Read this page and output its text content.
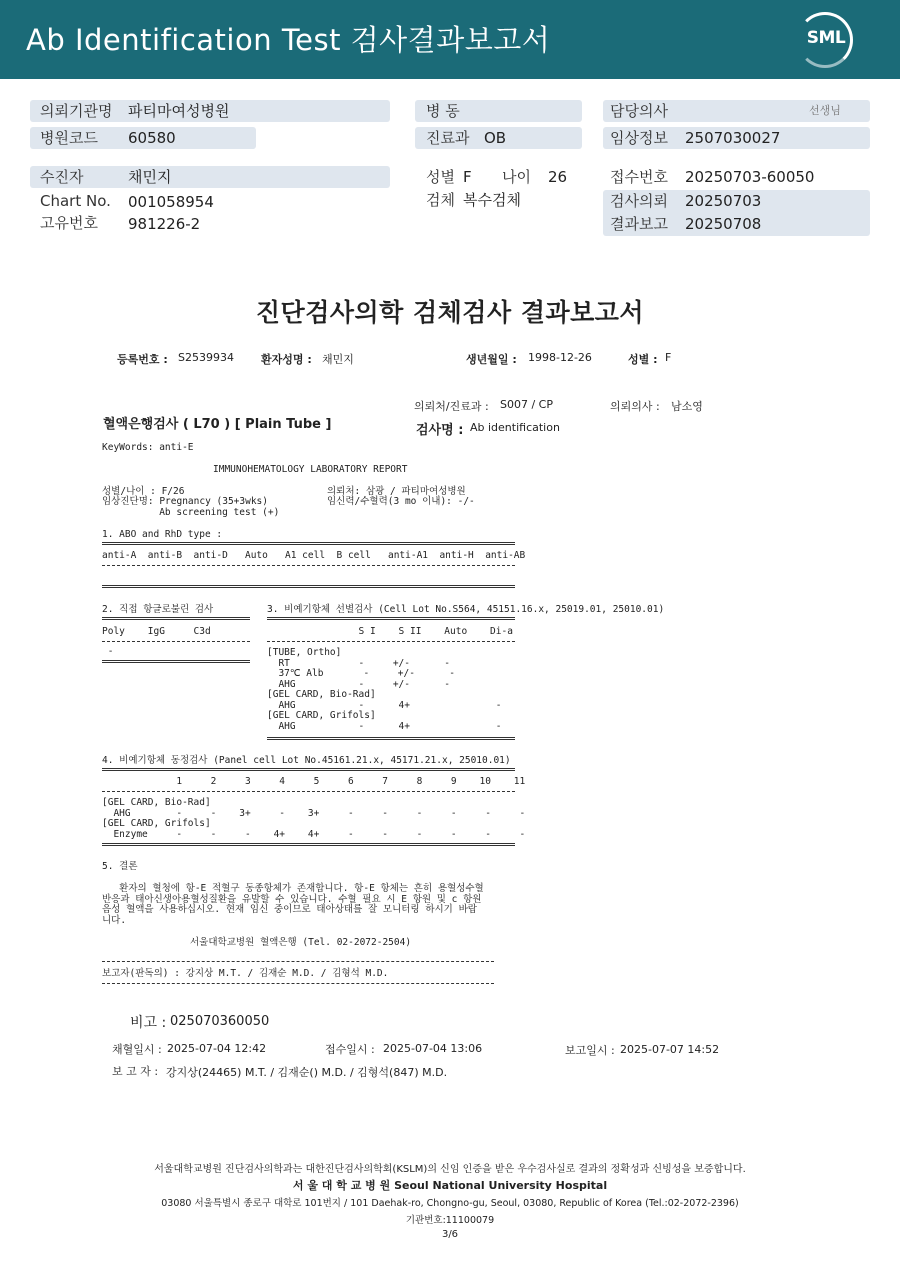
Ab Identification Test 검사결과보고서	SML
의뢰기관명 파티마여성병원
병원코드 60580
수진자	채민지
Chart No. 001058954
고유번호 981226-2
병 동
진료과 OB
성별 F 나이 26
검체 복수검체
담당의사	선생님
임상정보 2507030027
접수번호 20250703-60050
검사의뢰 20250703
결과보고 20250708
진단검사의학 검체검사 결과보고서
등록번호 : S2539934 환자성명 : 채민지	생년월일 : 1998-12-26	성별 : F
의뢰처/진료과 : S007 / CP	의뢰의사 : 남소영
혈액은행검사 ( L70 ) [ Plain Tube ]	검사명 : Ab identification
KeyWords: anti-E
IMMUNOHEMATOLOGY LABORATORY REPORT
성별/나이 : F/26
임상진단명: Pregnancy (35+3wks)
Ab screening test (+)
의뢰처: 삼광 / 파티마여성병원
임신력/수혈력(3 mo 이내): -/-
1. ABO and RhD type :
anti-A  anti-B  anti-D   Auto   A1 cell  B cell   anti-A1  anti-H  anti-AB
2. 직접 항글로불린 검사
Poly    IgG     C3d
-
3. 비예기항체 선별검사 (Cell Lot No.S564, 45151.16.x, 25019.01, 25010.01)
S I    S II    Auto    Di-a
[TUBE, Ortho]
RT            -     +/-      -
37℃ Alb       -     +/-      -
AHG           -     +/-      -
[GEL CARD, Bio-Rad]
AHG           -      4+               -
[GEL CARD, Grifols]
AHG           -      4+               -
4. 비예기항체 동정검사 (Panel cell Lot No.45161.21.x, 45171.21.x, 25010.01)
1     2     3     4     5     6     7     8     9    10    11
[GEL CARD, Bio-Rad]
AHG        -     -    3+     -    3+     -     -     -     -     -     -
[GEL CARD, Grifols]
Enzyme     -     -     -    4+    4+     -     -     -     -     -     -
5. 결론
환자의 혈청에 항-E 적혈구 동종항체가 존재합니다. 항-E 항체는 흔히 용혈성수혈
반응과 태아신생아용혈성질환을 유발할 수 있습니다. 수혈 필요 시 E 항원 및 c 항원
음성 혈액을 사용하십시오. 현재 임신 중이므로 태아상태를 잘 모니터링 하시기 바랍
니다.
서울대학교병원 혈액은행 (Tel. 02-2072-2504)
보고자(판독의) : 강지상 M.T. / 김재순 M.D. / 김형석 M.D.
비고 : 025070360050
채혈일시 : 2025-07-04 12:42	접수일시 : 2025-07-04 13:06	보고일시 : 2025-07-07 14:52
보 고 자 : 강지상(24465) M.T. / 김재순() M.D. / 김형석(847) M.D.
서울대학교병원 진단검사의학과는 대한진단검사의학회(KSLM)의 신임 인증을 받은 우수검사실로 결과의 정확성과 신빙성을 보증합니다.
서 울 대 학 교 병 원 Seoul National University Hospital
03080 서울특별시 종로구 대학로 101번지 / 101 Daehak-ro, Chongno-gu, Seoul, 03080, Republic of Korea (Tel.:02-2072-2396)
기관번호:11100079
3/6
